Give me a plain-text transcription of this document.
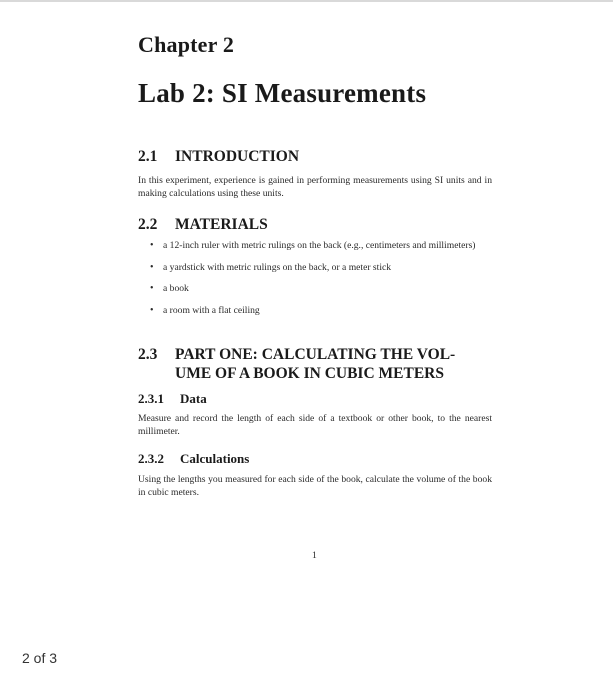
Chapter 2
Lab 2: SI Measurements
2.1 INTRODUCTION
In this experiment, experience is gained in performing measurements using SI units and in making calculations using these units.
2.2 MATERIALS
• a 12-inch ruler with metric rulings on the back (e.g., centimeters and millimeters)
• a yardstick with metric rulings on the back, or a meter stick
• a book
• a room with a flat ceiling
2.3 PART ONE: CALCULATING THE VOL-
UME OF A BOOK IN CUBIC METERS
2.3.1 Data
Measure and record the length of each side of a textbook or other book, to the nearest millimeter.
2.3.2 Calculations
Using the lengths you measured for each side of the book, calculate the volume of the book in cubic meters.
1
2 of 3
